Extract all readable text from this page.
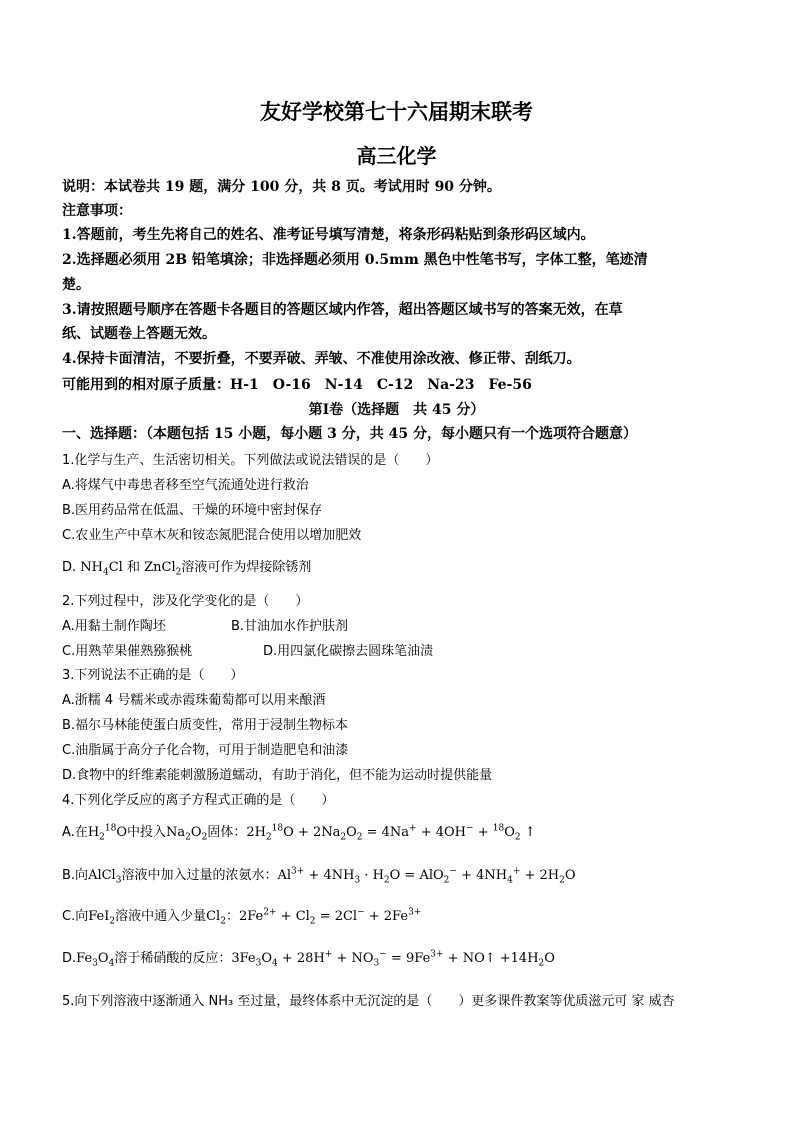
友好学校第七十六届期末联考
高三化学
说明：本试卷共 19 题，满分 100 分，共 8 页。考试用时 90 分钟。
注意事项：
1.答题前，考生先将自己的姓名、准考证号填写清楚，将条形码粘贴到条形码区域内。
2.选择题必须用 2B 铅笔填涂；非选择题必须用 0.5mm 黑色中性笔书写，字体工整，笔迹清
楚。
3.请按照题号顺序在答题卡各题目的答题区域内作答，超出答题区域书写的答案无效，在草
纸、试题卷上答题无效。
4.保持卡面清洁，不要折叠，不要弄破、弄皱、不准使用涂改液、修正带、刮纸刀。
可能用到的相对原子质量：H-1　O-16　N-14　C-12　Na-23　Fe-56
第Ⅰ卷（选择题　共 45 分）
一、选择题：（本题包括 15 小题，每小题 3 分，共 45 分，每小题只有一个选项符合题意）
1.化学与生产、生活密切相关。下列做法或说法错误的是（　　）
A.将煤气中毒患者移至空气流通处进行救治
B.医用药品常在低温、干燥的环境中密封保存
C.农业生产中草木灰和铵态氮肥混合使用以增加肥效
D. $NH_4Cl$ 和 ZnCl$_2$溶液可作为焊接除锈剂
2.下列过程中，涉及化学变化的是（　　）
A.用黏土制作陶坯	B.甘油加水作护肤剂
C.用熟苹果催熟猕猴桃	D.用四氯化碳擦去圆珠笔油渍
3.下列说法不正确的是（　　）
A.浙糯 4 号糯米或赤霞珠葡萄都可以用来酿酒
B.福尔马林能使蛋白质变性，常用于浸制生物标本
C.油脂属于高分子化合物，可用于制造肥皂和油漆
D.食物中的纤维素能刺激肠道蠕动，有助于消化，但不能为运动时提供能量
4.下列化学反应的离子方程式正确的是（　　）
A.在$H_2^{18}O$中投入$Na_2O_2$固体：$2H_2^{18}O + 2Na_2O_2 = 4Na^+ + 4OH^- + ^{18}O_2$ ↑
B.向AlCl$_3$溶液中加入过量的浓氨水：$Al^{3+} + 4NH_3 \cdot H_2O = AlO_2^- + 4NH_4^+ + 2H_2O$
C.向FeI$_2$溶液中通入少量$Cl_2$：$2Fe^{2+} + Cl_2 = 2Cl^- + 2Fe^{3+}$
$D.Fe_3O_4$溶于稀硝酸的反应：$3Fe_3O_4 + 28H^+ + NO_3^- = 9Fe^{3+}$ + NO↑ $+14H_2O$
5.向下列溶液中逐渐通入 NH₃ 至过量，最终体系中无沉淀的是（　　）更多课件教案等优质滋元可 家 威杏
